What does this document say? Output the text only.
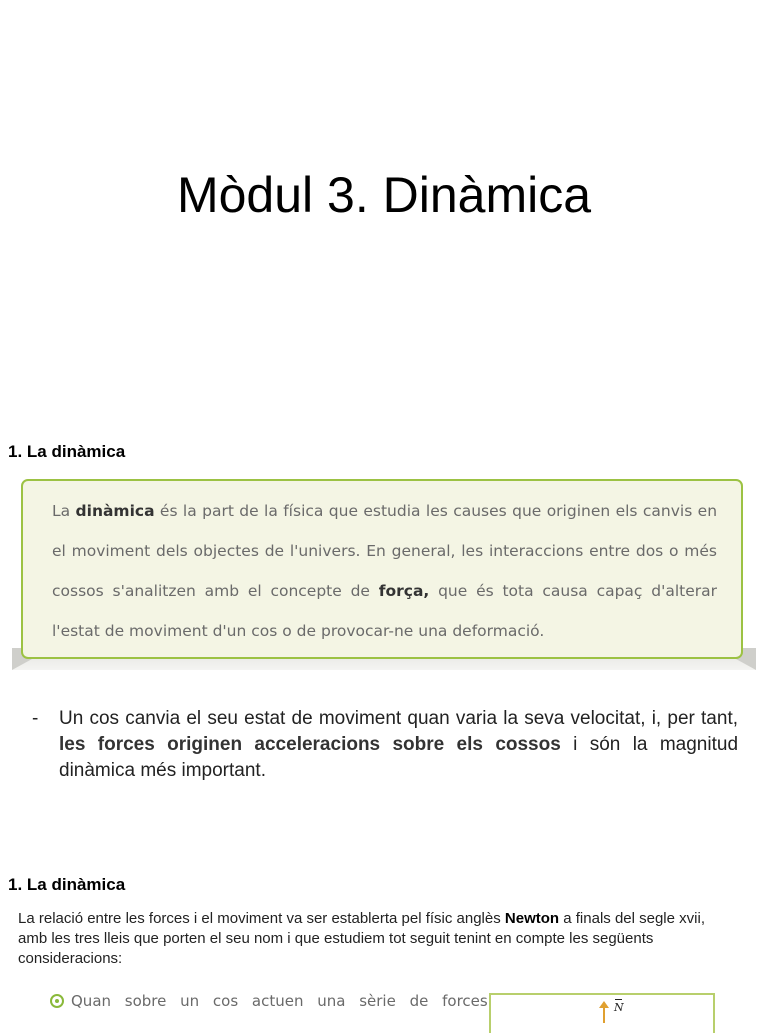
Mòdul 3. Dinàmica
1. La dinàmica
La dinàmica és la part de la física que estudia les causes que originen els canvis en el moviment dels objectes de l'univers. En general, les interaccions entre dos o més cossos s'analitzen amb el concepte de força, que és tota causa capaç d'alterar l'estat de moviment d'un cos o de provocar-ne una deformació.
-	Un cos canvia el seu estat de moviment quan varia la seva velocitat, i, per tant, les forces originen acceleracions sobre els cossos i són la magnitud dinàmica més important.
1. La dinàmica
La relació entre les forces i el moviment va ser establerta pel físic anglès Newton a finals del segle xvii, amb les tres lleis que porten el seu nom i que estudiem tot seguit tenint en compte les següents consideracions:
Quan sobre un cos actuen una sèrie de forces	N
